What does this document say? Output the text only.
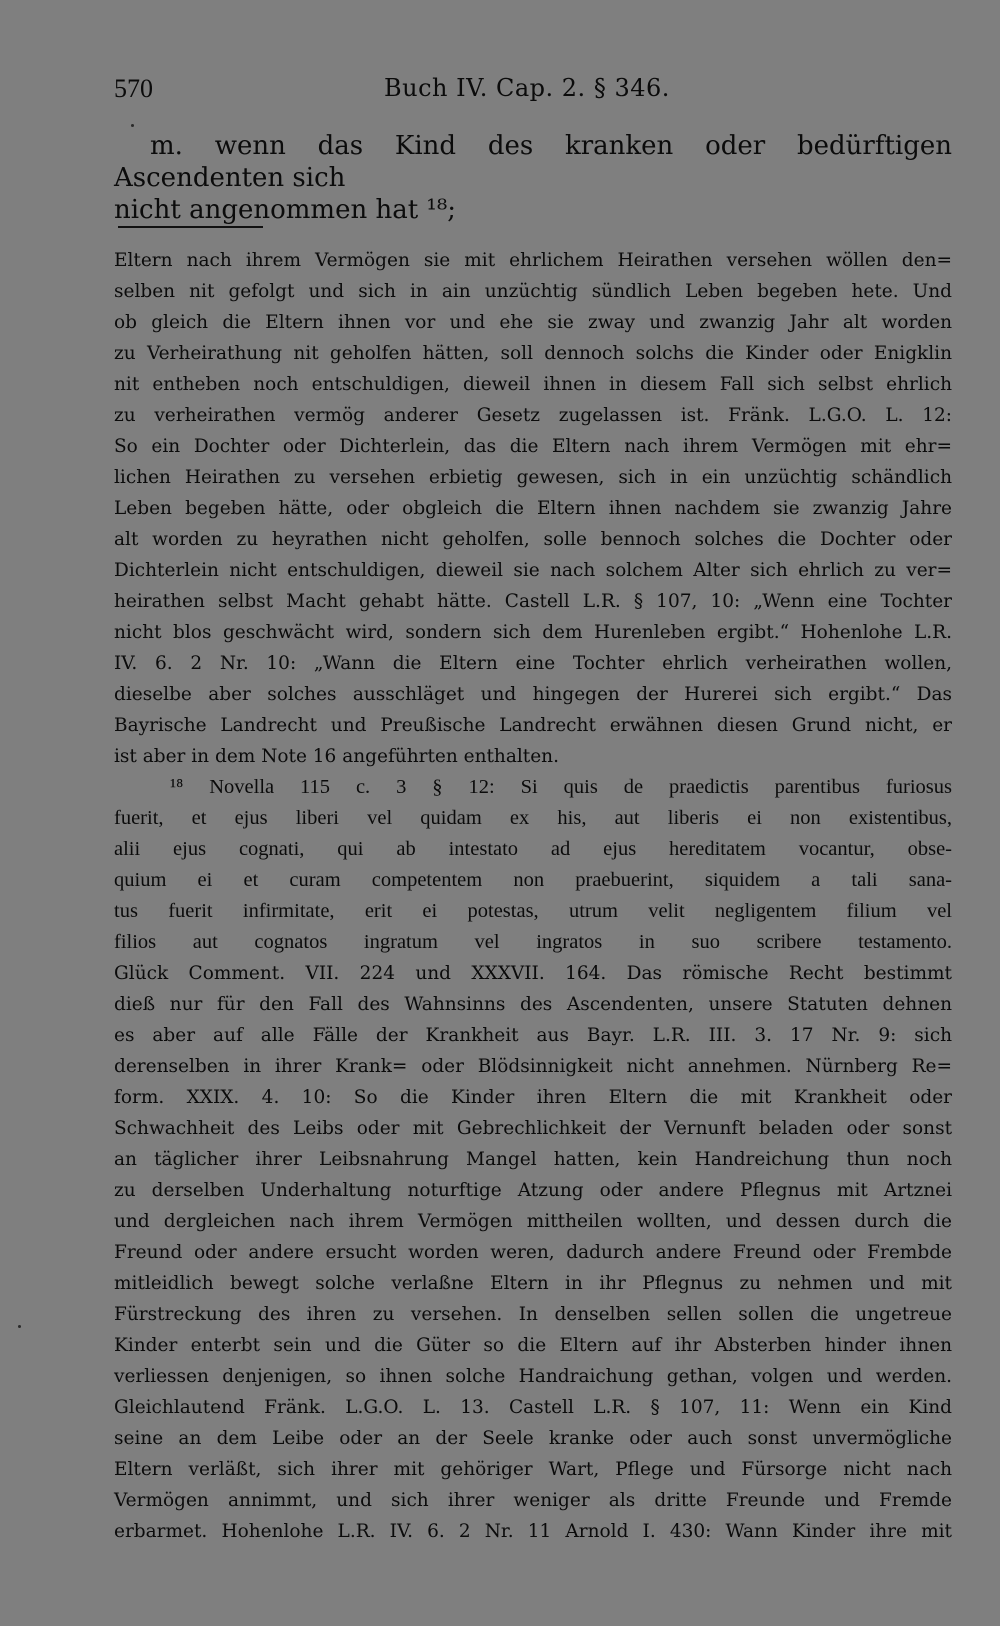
570	Buch IV. Cap. 2. § 346.
m. wenn das Kind des kranken oder bedürftigen Ascendenten sich
nicht angenommen hat ¹⁸;
Eltern nach ihrem Vermögen sie mit ehrlichem Heirathen versehen wöllen den=
selben nit gefolgt und sich in ain unzüchtig sündlich Leben begeben hete. Und
ob gleich die Eltern ihnen vor und ehe sie zway und zwanzig Jahr alt worden
zu Verheirathung nit geholfen hätten, soll dennoch solchs die Kinder oder Enigklin
nit entheben noch entschuldigen, dieweil ihnen in diesem Fall sich selbst ehrlich
zu verheirathen vermög anderer Gesetz zugelassen ist. Fränk. L.G.O. L. 12:
So ein Dochter oder Dichterlein, das die Eltern nach ihrem Vermögen mit ehr=
lichen Heirathen zu versehen erbietig gewesen, sich in ein unzüchtig schändlich
Leben begeben hätte, oder obgleich die Eltern ihnen nachdem sie zwanzig Jahre
alt worden zu heyrathen nicht geholfen, solle bennoch solches die Dochter oder
Dichterlein nicht entschuldigen, dieweil sie nach solchem Alter sich ehrlich zu ver=
heirathen selbst Macht gehabt hätte. Castell L.R. § 107, 10: „Wenn eine Tochter
nicht blos geschwächt wird, sondern sich dem Hurenleben ergibt.“ Hohenlohe L.R.
IV. 6. 2 Nr. 10: „Wann die Eltern eine Tochter ehrlich verheirathen wollen,
dieselbe aber solches ausschläget und hingegen der Hurerei sich ergibt.“ Das
Bayrische Landrecht und Preußische Landrecht erwähnen diesen Grund nicht, er
ist aber in dem Note 16 angeführten enthalten.
¹⁸ Novella 115 c. 3 § 12: Si quis de praedictis parentibus furiosus
fuerit, et ejus liberi vel quidam ex his, aut liberis ei non existentibus,
alii ejus cognati, qui ab intestato ad ejus hereditatem vocantur, obse-
quium ei et curam competentem non praebuerint, siquidem a tali sana-
tus fuerit infirmitate, erit ei potestas, utrum velit negligentem filium vel
filios aut cognatos ingratum vel ingratos in suo scribere testamento.
Glück Comment. VII. 224 und XXXVII. 164. Das römische Recht bestimmt
dieß nur für den Fall des Wahnsinns des Ascendenten, unsere Statuten dehnen
es aber auf alle Fälle der Krankheit aus Bayr. L.R. III. 3. 17 Nr. 9: sich
derenselben in ihrer Krank= oder Blödsinnigkeit nicht annehmen. Nürnberg Re=
form. XXIX. 4. 10: So die Kinder ihren Eltern die mit Krankheit oder
Schwachheit des Leibs oder mit Gebrechlichkeit der Vernunft beladen oder sonst
an täglicher ihrer Leibsnahrung Mangel hatten, kein Handreichung thun noch
zu derselben Underhaltung noturftige Atzung oder andere Pflegnus mit Artznei
und dergleichen nach ihrem Vermögen mittheilen wollten, und dessen durch die
Freund oder andere ersucht worden weren, dadurch andere Freund oder Frembde
mitleidlich bewegt solche verlaßne Eltern in ihr Pflegnus zu nehmen und mit
Fürstreckung des ihren zu versehen. In denselben sellen sollen die ungetreue
Kinder enterbt sein und die Güter so die Eltern auf ihr Absterben hinder ihnen
verliessen denjenigen, so ihnen solche Handraichung gethan, volgen und werden.
Gleichlautend Fränk. L.G.O. L. 13. Castell L.R. § 107, 11: Wenn ein Kind
seine an dem Leibe oder an der Seele kranke oder auch sonst unvermögliche
Eltern verläßt, sich ihrer mit gehöriger Wart, Pflege und Fürsorge nicht nach
Vermögen annimmt, und sich ihrer weniger als dritte Freunde und Fremde
erbarmet. Hohenlohe L.R. IV. 6. 2 Nr. 11 Arnold I. 430: Wann Kinder ihre mit
